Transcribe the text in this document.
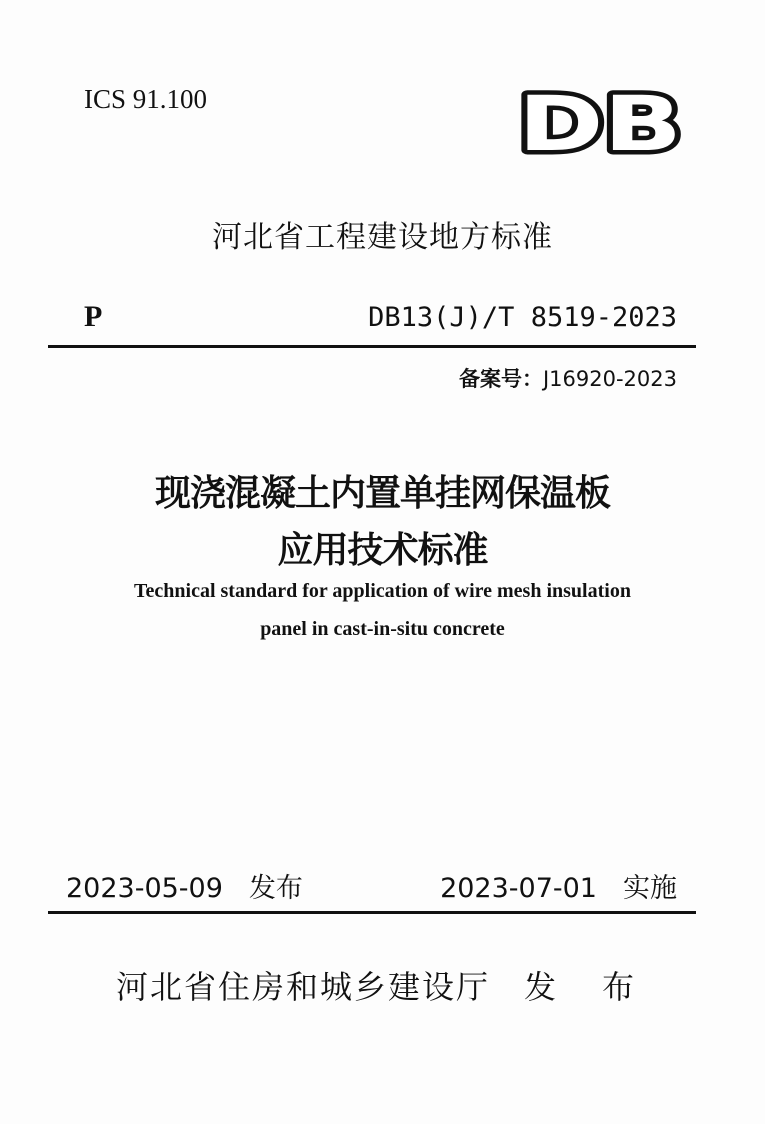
ICS 91.100	DB
河北省工程建设地方标准
P	DB13(J)/T 8519-2023
备案号：J16920-2023
现浇混凝土内置单挂网保温板
应用技术标准
Technical standard for application of wire mesh insulation
panel in cast-in-situ concrete
2023-05-09 发布	2023-07-01 实施
河北省住房和城乡建设厅 发 布
